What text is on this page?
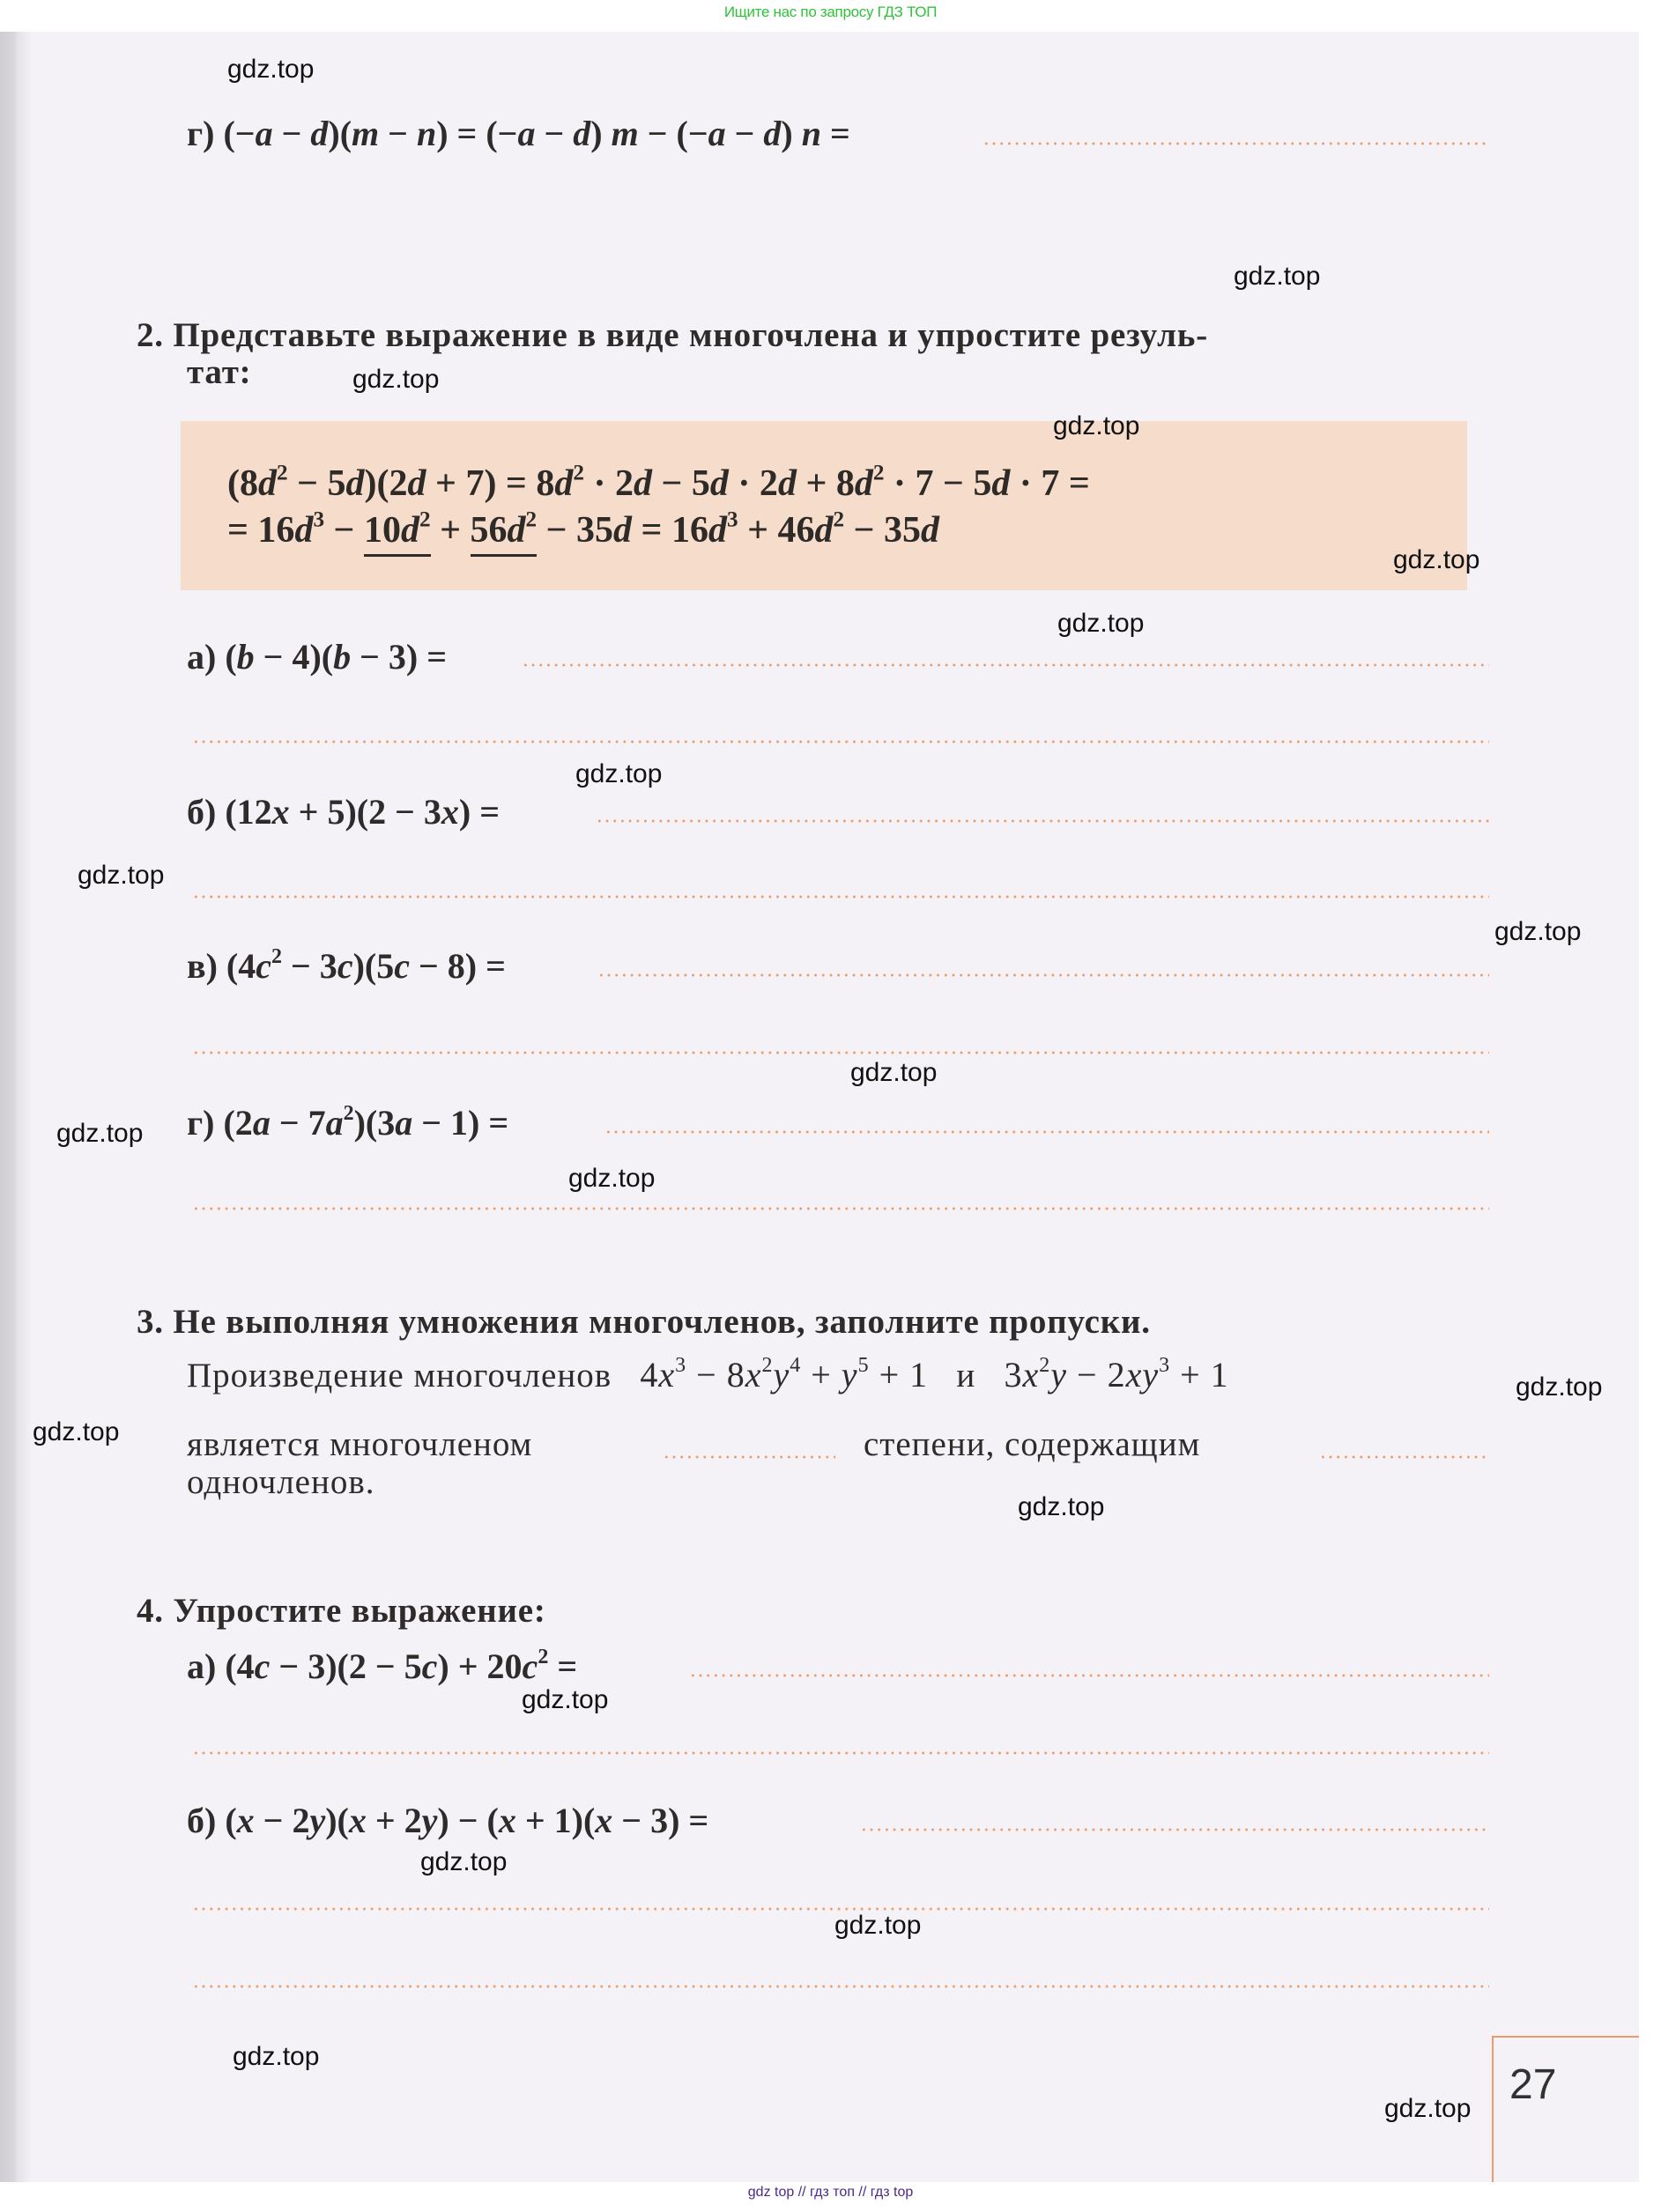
Ищите нас по запросу ГДЗ ТОП
г) (−a − d)(m − n) = (−a − d) m − (−a − d) n =
2. Представьте выражение в виде многочлена и упростите резуль-
тат:
$(8d^2 - 5d)(2d + 7) = 8d^2 \cdot 2d - 5d \cdot 2d + 8d^2 \cdot 7 - 5d \cdot 7$ =
= $16d^3 - 10d^2 + 56d^2 - 35d = 16d^3 + 46d^2 - 35d$
а) (b − 4)(b − 3) =
б) (12x + 5)(2 − 3x) =
в) $(4c^2 - 3c)(5c - 8)$ =
г) $(2a - 7a^2)(3a - 1)$ =
3. Не выполняя умножения многочленов, заполните пропуски.
Произведение многочленов $4x^3 - 8x^2y^4 + y^5 + 1$ и $3x^2y - 2xy^3 + 1$
является многочленом	степени, содержащим
одночленов.
4. Упростите выражение:
а) $(4c - 3)(2 - 5c) + 20c^2$ =
б) (x − 2y)(x + 2y) − (x + 1)(x − 3) =
27
gdz.top
gdz.top
gdz.top
gdz.top
gdz.top
gdz.top
gdz.top
gdz.top
gdz.top
gdz.top
gdz.top
gdz.top
gdz.top
gdz.top
gdz.top
gdz.top
gdz.top
gdz.top
gdz.top
gdz.top
gdz top // гдз топ // гдз top
